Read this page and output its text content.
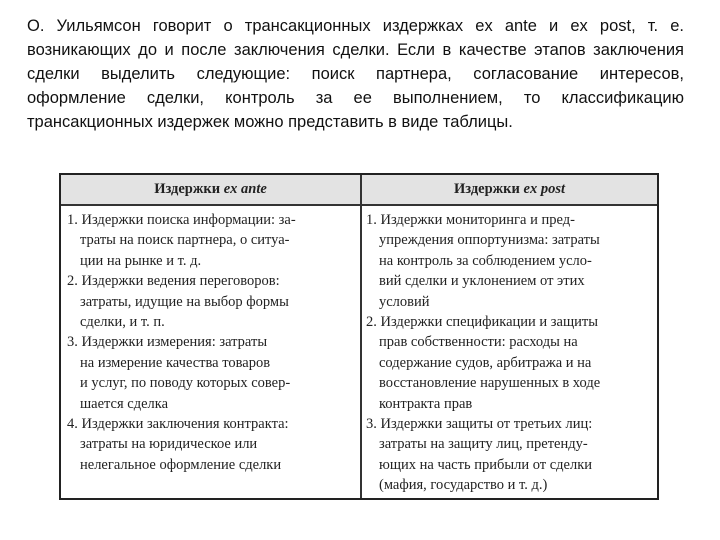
О. Уильямсон говорит о трансакционных издержках ex ante и ex post, т. е. возникающих до и после заключения сделки. Если в качестве этапов заключения сделки выделить следующие: поиск партнера, согласование интересов, оформление сделки, контроль за ее выполнением, то классификацию трансакционных издержек можно представить в виде таблицы.

Издержки ex ante	Издержки ex post
1. Издержки поиска информации: за-
траты на поиск партнера, о ситуа-
ции на рынке и т. д.
2. Издержки ведения переговоров:
затраты, идущие на выбор формы
сделки, и т. п.
3. Издержки измерения: затраты
на измерение качества товаров
и услуг, по поводу которых совер-
шается сделка
4. Издержки заключения контракта:
затраты на юридическое или
нелегальное оформление сделки
1. Издержки мониторинга и пред-
упреждения оппортунизма: затраты
на контроль за соблюдением усло-
вий сделки и уклонением от этих
условий
2. Издержки спецификации и защиты
прав собственности: расходы на
содержание судов, арбитража и на
восстановление нарушенных в ходе
контракта прав
3. Издержки защиты от третьих лиц:
затраты на защиту лиц, претенду-
ющих на часть прибыли от сделки
(мафия, государство и т. д.)
